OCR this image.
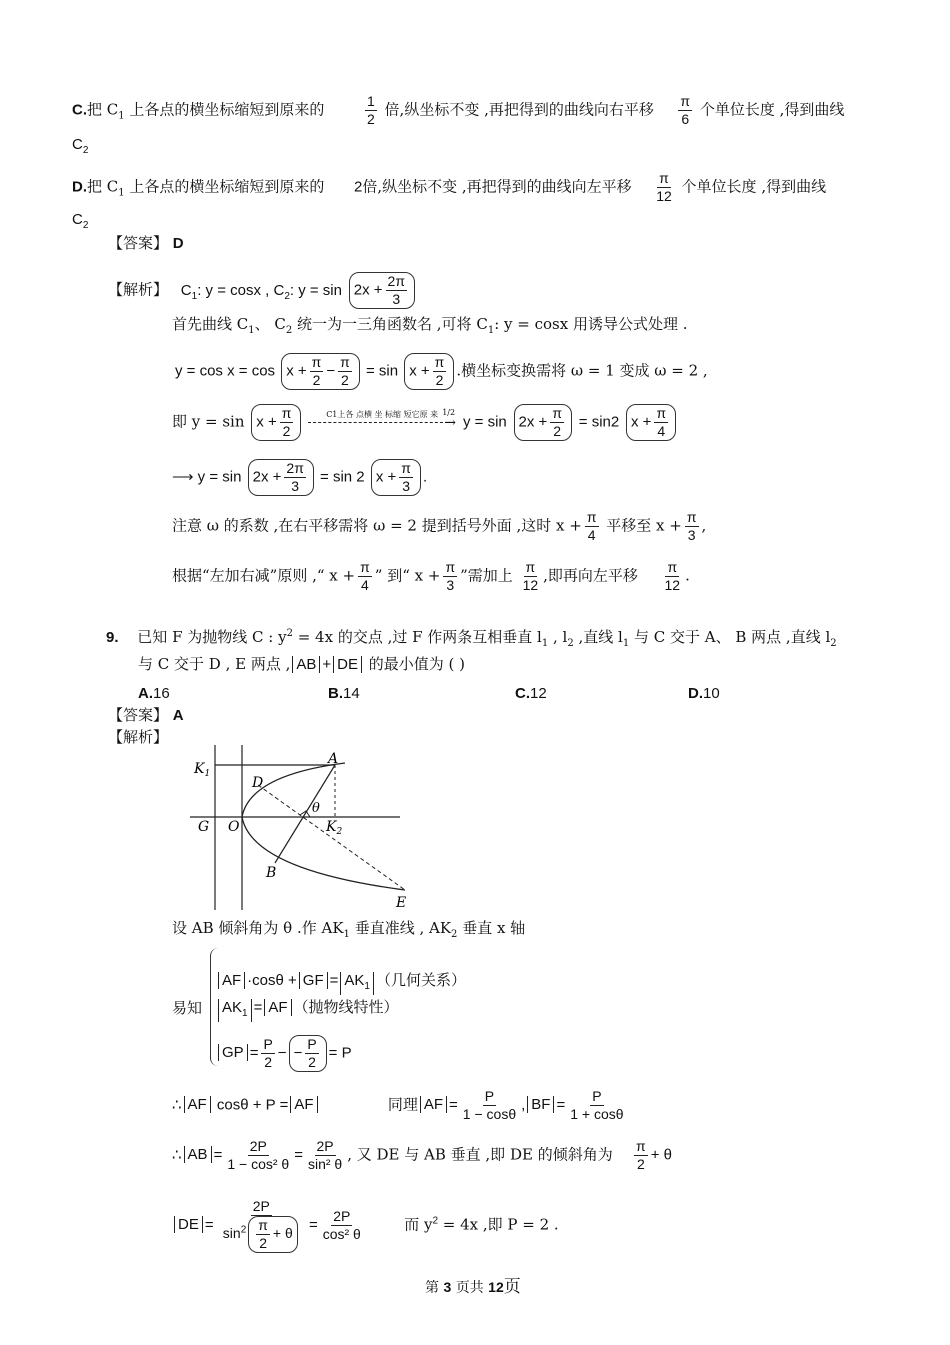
C.把 $C_1$ 上各点的横坐标缩短到原来的	$\frac{1}{2}$ 倍,纵坐标不变 ,再把得到的曲线向右平移 $\frac{\pi}{6}$ 个单位长度 ,得到曲线
$C_2$
D.把 $C_1$ 上各点的横坐标缩短到原来的 2倍,纵坐标不变 ,再把得到的曲线向左平移 $\frac{\pi}{12}$ 个单位长度 ,得到曲线
$C_2$
【答案】 D
【解析】 $C_1$: y = cosx , $C_2$: $y = \sin 2x + \frac{2\pi}{3}$
首先曲线 $C_1$、 $C_2$ 统一为一三角函数名 ,可将 $C_1$: y = cosx 用诱导公式处理 .
$y = \cos x = \cos x + \frac{\pi}{2} - \frac{\pi}{2} = \sin x + \frac{\pi}{2}$ .横坐标变换需将 ω = 1 变成 ω = 2 ,
即 $y = \sin x + \frac{\pi}{2}$
	C1上各 点横 坐 标缩 短它原 来 1/2
→ $y = \sin 2x + \frac{\pi}{2} = \sin 2$ $x + \frac{\pi}{4}$
⟶ $y = \sin 2x + \frac{2\pi}{3} = \sin 2$ $x + \frac{\pi}{3}$ .
注意 ω 的系数 ,在右平移需将 ω = 2 提到括号外面 ,这时 $x + \frac{\pi}{4}$ 平移至 $x + \frac{\pi}{3}$ ,
根据“左加右减”原则 ,“ $x + \frac{\pi}{4}$ ” 到“ $x + \frac{\pi}{3}$ ”需加上 $\frac{\pi}{12}$ ,即再向左平移 $\frac{\pi}{12}$ .
9. 已知 F 为抛物线 C : $y^2 = 4x$ 的交点 ,过 F 作两条互相垂直 $l_1$ , $l_2$ ,直线 $l_1$ 与 C 交于 A、 B 两点 ,直线 $l_2$
与 C 交于 D , E 两点 , AB + DE 的最小值为 ( )
A.16	B.14	C.12	D.10
【答案】 A
【解析】
$K_1$
A
D
θ
G O	$K_2$
B
E
设 AB 倾斜角为 θ .作 $AK_1$ 垂直准线 , $AK_2$ 垂直 x 轴
易知
AF ·cosθ + GF = $AK_1$ （几何关系）
$AK_1$ = AF （抛物线特性）
GP = $\frac{P}{2}$ − − $\frac{P}{2} = P$
∴ AF cosθ + P = AF	同理 AF = $\frac{P}{1 - \cos\theta}$ , BF = $\frac{P}{1 + \cos\theta}$
∴ AB = $\frac{2P}{\text{1 − cos² θ}} = \frac{2P}{\text{sin² θ}}$ , 又 DE 与 AB 垂直 ,即 DE 的倾斜角为 $\frac{\pi}{2} + \theta$
DE = $\frac{2P}{\sin^2 \frac{\pi}{2} + \theta} = \frac{2P}{\text{cos² θ}}$	而 $y^2 = 4x$ ,即 P = 2 .
第 3 页共 12页
